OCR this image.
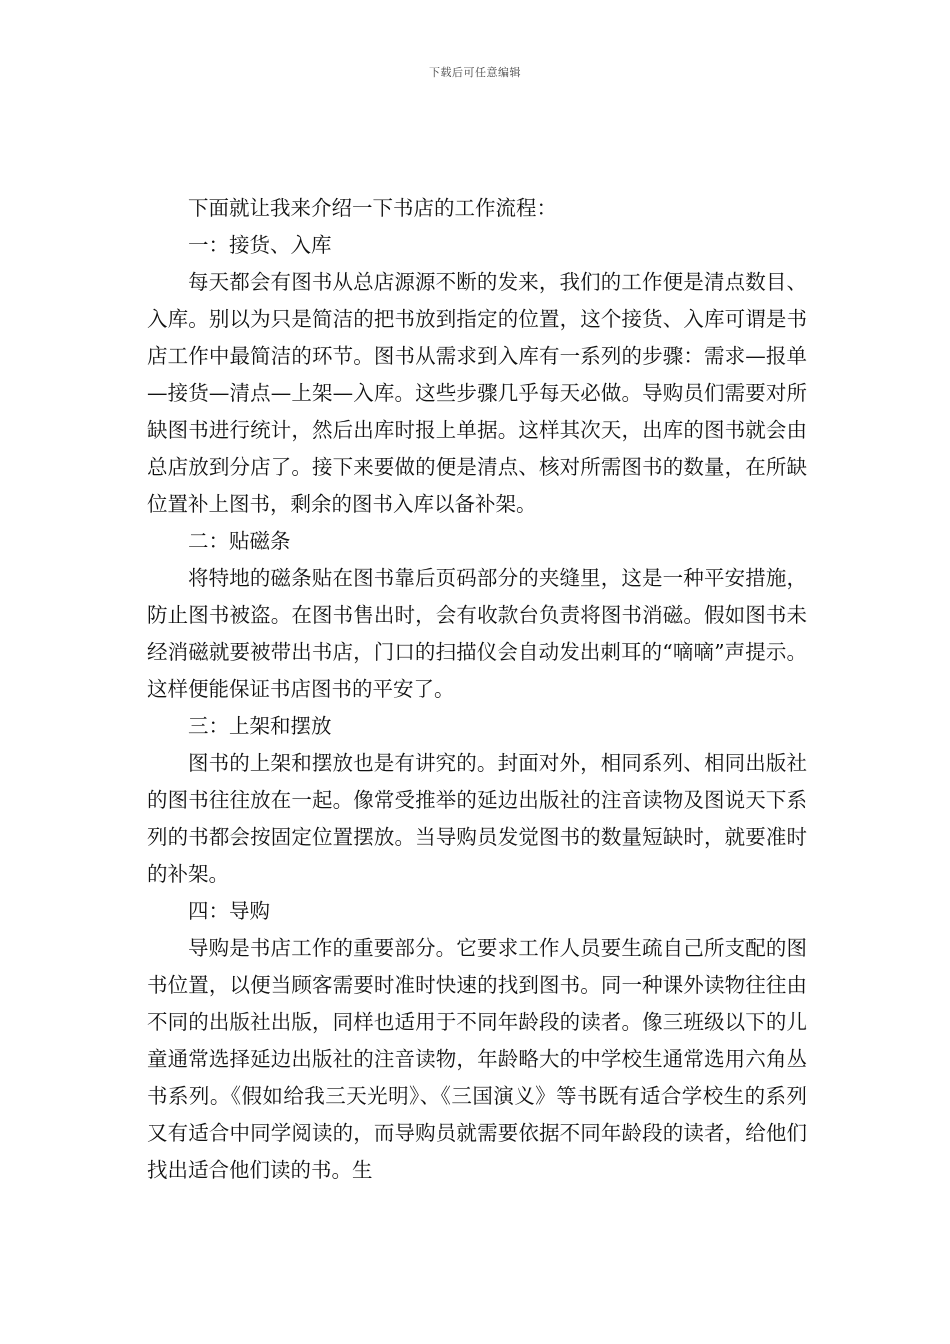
下载后可任意编辑

下面就让我来介绍一下书店的工作流程：

一：接货、入库

每天都会有图书从总店源源不断的发来，我们的工作便是清点数目、入库。别以为只是简洁的把书放到指定的位置，这个接货、入库可谓是书店工作中最简洁的环节。图书从需求到入库有一系列的步骤：需求—报单—接货—清点—上架—入库。这些步骤几乎每天必做。导购员们需要对所缺图书进行统计，然后出库时报上单据。这样其次天，出库的图书就会由总店放到分店了。接下来要做的便是清点、核对所需图书的数量，在所缺位置补上图书，剩余的图书入库以备补架。

二：贴磁条

将特地的磁条贴在图书靠后页码部分的夹缝里，这是一种平安措施，防止图书被盗。在图书售出时，会有收款台负责将图书消磁。假如图书未经消磁就要被带出书店，门口的扫描仪会自动发出刺耳的“嘀嘀”声提示。这样便能保证书店图书的平安了。

三：上架和摆放

图书的上架和摆放也是有讲究的。封面对外，相同系列、相同出版社的图书往往放在一起。像常受推举的延边出版社的注音读物及图说天下系列的书都会按固定位置摆放。当导购员发觉图书的数量短缺时，就要准时的补架。

四：导购

导购是书店工作的重要部分。它要求工作人员要生疏自己所支配的图书位置，以便当顾客需要时准时快速的找到图书。同一种课外读物往往由不同的出版社出版，同样也适用于不同年龄段的读者。像三班级以下的儿童通常选择延边出版社的注音读物，年龄略大的中学校生通常选用六角丛书系列。《假如给我三天光明》、《三国演义》等书既有适合学校生的系列又有适合中同学阅读的，而导购员就需要依据不同年龄段的读者，给他们找出适合他们读的书。生
